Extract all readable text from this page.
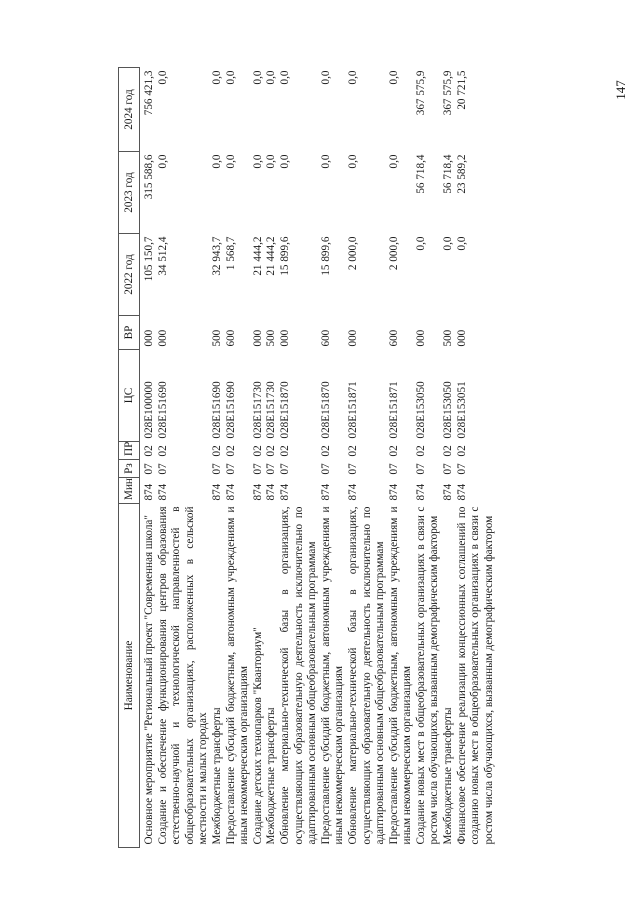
147
Наименование	Мин	Рз	ПР	ЦС	ВР	2022 год	2023 год	2024 год
Основное мероприятие "Региональный проект "Современная школа"	874	07	02	028E100000	000	105 150,7	315 588,6	756 421,3
Создание и обеспечение функционирования центров образования естественно-научной и технологической направленностей в общеобразовательных организациях, расположенных в сельской местности и малых городах	874	07	02	028E151690	000	34 512,4	0,0	0,0
Межбюджетные трансферты	874	07	02	028E151690	500	32 943,7	0,0	0,0
Предоставление субсидий бюджетным, автономным учреждениям и иным некоммерческим организациям	874	07	02	028E151690	600	1 568,7	0,0	0,0
Создание детских технопарков "Кванториум"	874	07	02	028E151730	000	21 444,2	0,0	0,0
Межбюджетные трансферты	874	07	02	028E151730	500	21 444,2	0,0	0,0
Обновление материально-технической базы в организациях, осуществляющих образовательную деятельность исключительно по адаптированным основным общеобразовательным программам	874	07	02	028E151870	000	15 899,6	0,0	0,0
Предоставление субсидий бюджетным, автономным учреждениям и иным некоммерческим организациям	874	07	02	028E151870	600	15 899,6	0,0	0,0
Обновление материально-технической базы в организациях, осуществляющих образовательную деятельность исключительно по адаптированным основным общеобразовательным программам	874	07	02	028E151871	000	2 000,0	0,0	0,0
Предоставление субсидий бюджетным, автономным учреждениям и иным некоммерческим организациям	874	07	02	028E151871	600	2 000,0	0,0	0,0
Создание новых мест в общеобразовательных организациях в связи с ростом числа обучающихся, вызванным демографическим фактором	874	07	02	028E153050	000	0,0	56 718,4	367 575,9
Межбюджетные трансферты	874	07	02	028E153050	500	0,0	56 718,4	367 575,9
Финансовое обеспечение реализации концессионных соглашений по созданию новых мест в общеобразовательных организациях в связи с ростом числа обучающихся, вызванным демографическим фактором	874	07	02	028E153051	000	0,0	23 589,2	20 721,5
